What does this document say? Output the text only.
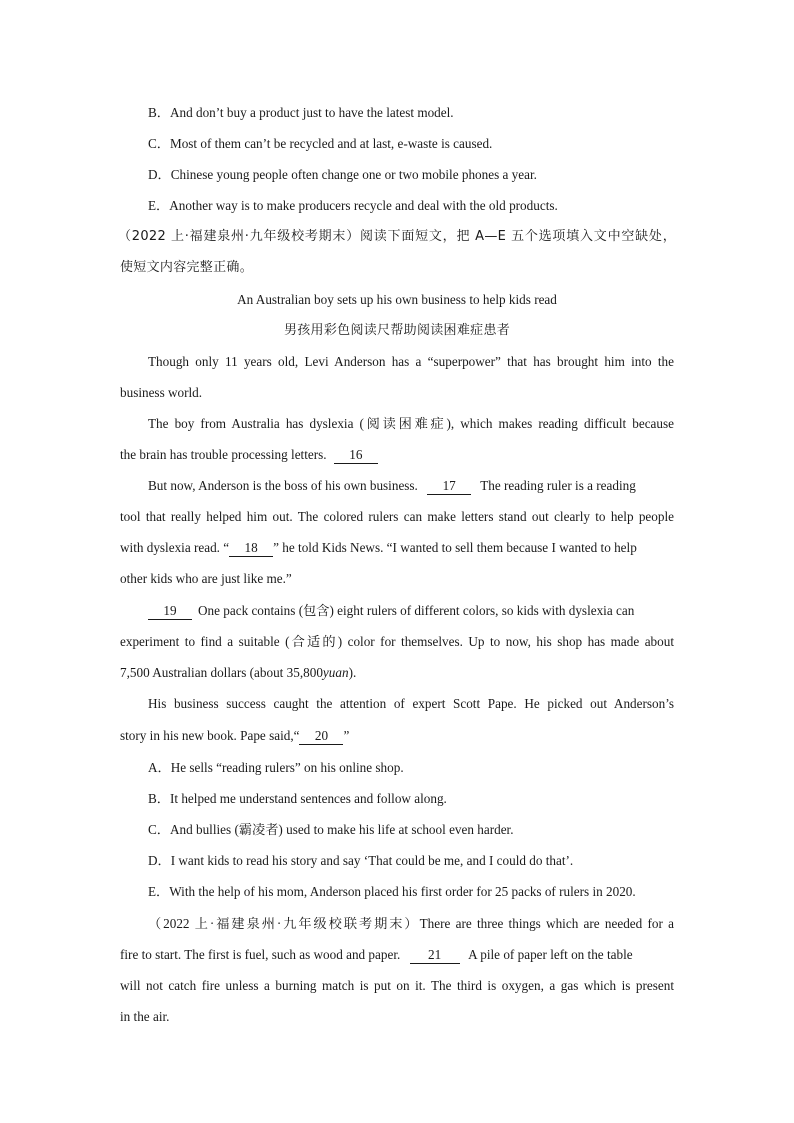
B．And don’t buy a product just to have the latest model.
C．Most of them can’t be recycled and at last, e-waste is caused.
D．Chinese young people often change one or two mobile phones a year.
E．Another way is to make producers recycle and deal with the old products.
（2022 上·福建泉州·九年级校考期末）阅读下面短文，把 A—E 五个选项填入文中空缺处，
使短文内容完整正确。
An Australian boy sets up his own business to help kids read
男孩用彩色阅读尺帮助阅读困难症患者
Though only 11 years old, Levi Anderson has a “superpower” that has brought him into the
business world.
The boy from Australia has dyslexia (阅读困难症), which makes reading difficult because
the brain has trouble processing letters. 16
But now, Anderson is the boss of his own business. 17 The reading ruler is a reading
tool that really helped him out. The colored rulers can make letters stand out clearly to help people
with dyslexia read. “ 18 ” he told Kids News. “I wanted to sell them because I wanted to help
other kids who are just like me.”
19 One pack contains (包含) eight rulers of different colors, so kids with dyslexia can
experiment to find a suitable (合适的) color for themselves. Up to now, his shop has made about
7,500 Australian dollars (about 35,800yuan).
His business success caught the attention of expert Scott Pape. He picked out Anderson’s
story in his new book. Pape said,“ 20 ”
A．He sells “reading rulers” on his online shop.
B．It helped me understand sentences and follow along.
C．And bullies (霸凌者) used to make his life at school even harder.
D．I want kids to read his story and say ‘That could be me, and I could do that’.
E．With the help of his mom, Anderson placed his first order for 25 packs of rulers in 2020.
（2022 上·福建泉州·九年级校联考期末）There are three things which are needed for a
fire to start. The first is fuel, such as wood and paper. 21 A pile of paper left on the table
will not catch fire unless a burning match is put on it. The third is oxygen, a gas which is present
in the air.
